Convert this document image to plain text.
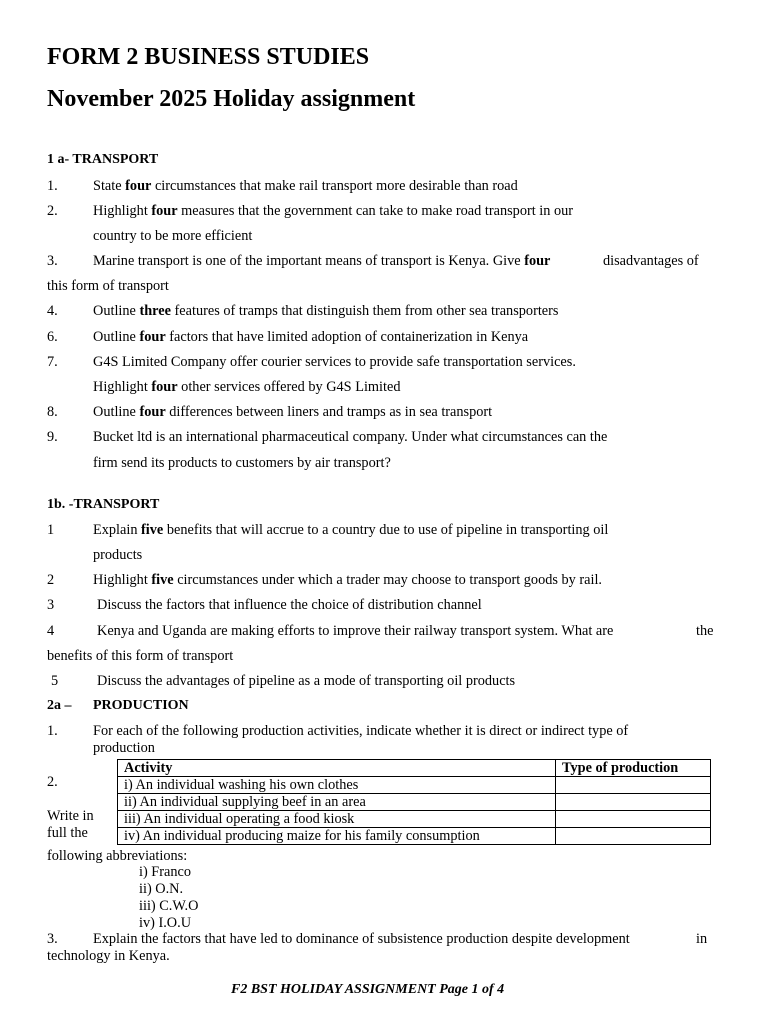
FORM 2 BUSINESS STUDIES
November 2025 Holiday assignment
1 a- TRANSPORT
1. State four circumstances that make rail transport more desirable than road
2. Highlight four measures that the government can take to make road transport in our
country to be more efficient
3. Marine transport is one of the important means of transport is Kenya. Give four	disadvantages of
this form of transport
4. Outline three features of tramps that distinguish them from other sea transporters
6. Outline four factors that have limited adoption of containerization in Kenya
7. G4S Limited Company offer courier services to provide safe transportation services.
Highlight four other services offered by G4S Limited
8. Outline four differences between liners and tramps as in sea transport
9. Bucket ltd is an international pharmaceutical company. Under what circumstances can the
firm send its products to customers by air transport?
1b. -TRANSPORT
1	Explain five benefits that will accrue to a country due to use of pipeline in transporting oil
products
2	Highlight five circumstances under which a trader may choose to transport goods by rail.
3	Discuss the factors that influence the choice of distribution channel
4	Kenya and Uganda are making efforts to improve their railway transport system. What are	the
benefits of this form of transport
5	Discuss the advantages of pipeline as a mode of transporting oil products
2a – PRODUCTION
1. For each of the following production activities, indicate whether it is direct or indirect type of
production
Activity	Type of production
i) An individual washing his own clothes	
ii) An individual supplying beef in an area	
iii) An individual operating a food kiosk	
iv) An individual producing maize for his family consumption	
2.
Write in
full the
following abbreviations:
i) Franco
ii) O.N.
iii) C.W.O
iv) I.O.U
3. Explain the factors that have led to dominance of subsistence production despite development	in
technology in Kenya.
F2 BST HOLIDAY ASSIGNMENT Page 1 of 4
